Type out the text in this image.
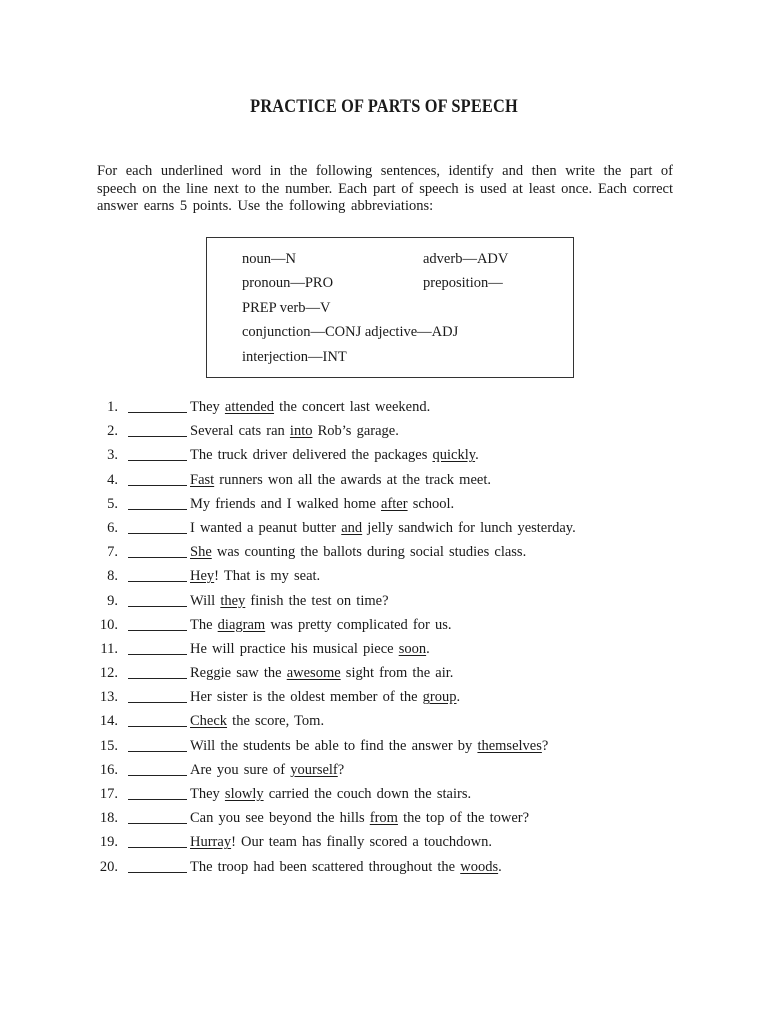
PRACTICE OF PARTS OF SPEECH
For each underlined word in the following sentences, identify and then write the part of speech on the line next to the number. Each part of speech is used at least once. Each correct answer earns 5 points. Use the following abbreviations:
noun—N	adverb—ADV
pronoun—PRO	preposition—
PREP verb—V
conjunction—CONJ adjective—ADJ
interjection—INT
1.	They attended the concert last weekend.
2.	Several cats ran into Rob’s garage.
3.	The truck driver delivered the packages quickly.
4.	Fast runners won all the awards at the track meet.
5.	My friends and I walked home after school.
6.	I wanted a peanut butter and jelly sandwich for lunch yesterday.
7.	She was counting the ballots during social studies class.
8.	Hey! That is my seat.
9.	Will they finish the test on time?
10.	The diagram was pretty complicated for us.
11.	He will practice his musical piece soon.
12.	Reggie saw the awesome sight from the air.
13.	Her sister is the oldest member of the group.
14.	Check the score, Tom.
15.	Will the students be able to find the answer by themselves?
16.	Are you sure of yourself?
17.	They slowly carried the couch down the stairs.
18.	Can you see beyond the hills from the top of the tower?
19.	Hurray! Our team has finally scored a touchdown.
20.	The troop had been scattered throughout the woods.
